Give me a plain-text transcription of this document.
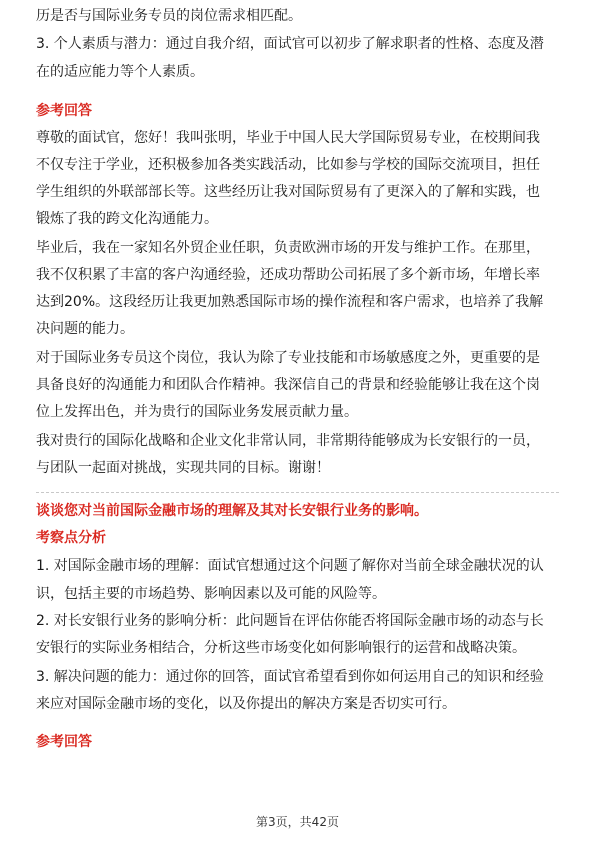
历是否与国际业务专员的岗位需求相匹配。
3. 个人素质与潜力：通过自我介绍，面试官可以初步了解求职者的性格、态度及潜
在的适应能力等个人素质。
参考回答
尊敬的面试官，您好！我叫张明，毕业于中国人民大学国际贸易专业，在校期间我
不仅专注于学业，还积极参加各类实践活动，比如参与学校的国际交流项目，担任
学生组织的外联部部长等。这些经历让我对国际贸易有了更深入的了解和实践，也
锻炼了我的跨文化沟通能力。
毕业后，我在一家知名外贸企业任职，负责欧洲市场的开发与维护工作。在那里，
我不仅积累了丰富的客户沟通经验，还成功帮助公司拓展了多个新市场，年增长率
达到20%。这段经历让我更加熟悉国际市场的操作流程和客户需求，也培养了我解
决问题的能力。
对于国际业务专员这个岗位，我认为除了专业技能和市场敏感度之外，更重要的是
具备良好的沟通能力和团队合作精神。我深信自己的背景和经验能够让我在这个岗
位上发挥出色，并为贵行的国际业务发展贡献力量。
我对贵行的国际化战略和企业文化非常认同，非常期待能够成为长安银行的一员，
与团队一起面对挑战，实现共同的目标。谢谢！
谈谈您对当前国际金融市场的理解及其对长安银行业务的影响。
考察点分析
1. 对国际金融市场的理解：面试官想通过这个问题了解你对当前全球金融状况的认
识，包括主要的市场趋势、影响因素以及可能的风险等。
2. 对长安银行业务的影响分析：此问题旨在评估你能否将国际金融市场的动态与长
安银行的实际业务相结合，分析这些市场变化如何影响银行的运营和战略决策。
3. 解决问题的能力：通过你的回答，面试官希望看到你如何运用自己的知识和经验
来应对国际金融市场的变化，以及你提出的解决方案是否切实可行。
参考回答
第3页，共42页
